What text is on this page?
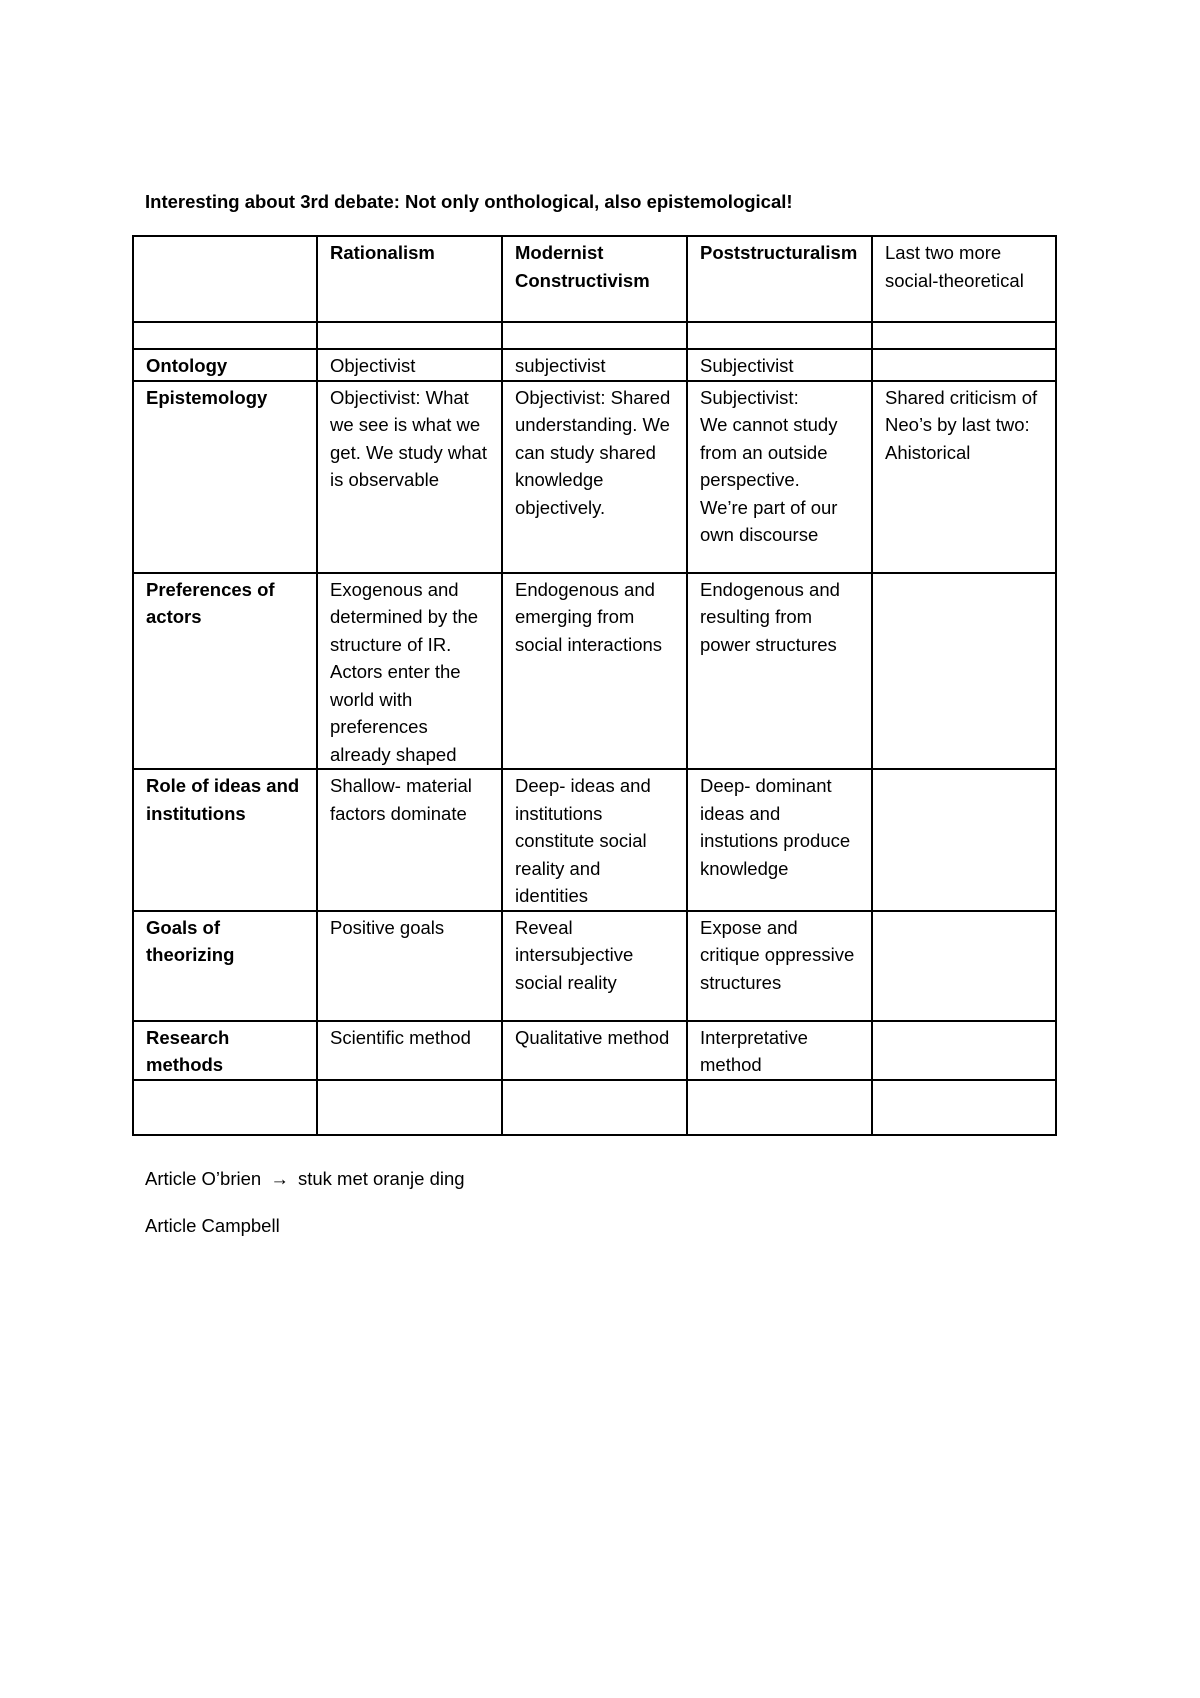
Interesting about 3rd debate: Not only onthological, also epistemological!
	Rationalism	Modernist Constructivism	Poststructuralism	Last two more social-theoretical

Ontology	Objectivist	subjectivist	Subjectivist	
Epistemology	Objectivist: What we see is what we get. We study what is observable	Objectivist: Shared understanding. We can study shared knowledge objectively.	Subjectivist:
We cannot study from an outside perspective.
We’re part of our own discourse	Shared criticism of Neo’s by last two:
Ahistorical
Preferences of actors	Exogenous and determined by the structure of IR. Actors enter the world with preferences already shaped	Endogenous and emerging from social interactions	Endogenous and resulting from power structures	
Role of ideas and institutions	Shallow- material factors dominate	Deep- ideas and institutions constitute social reality and identities	Deep- dominant ideas and instutions produce knowledge	
Goals of theorizing	Positive goals	Reveal intersubjective social reality	Expose and critique oppressive structures	
Research methods	Scientific method	Qualitative method	Interpretative method	

Article O’brien → stuk met oranje ding
Article Campbell
